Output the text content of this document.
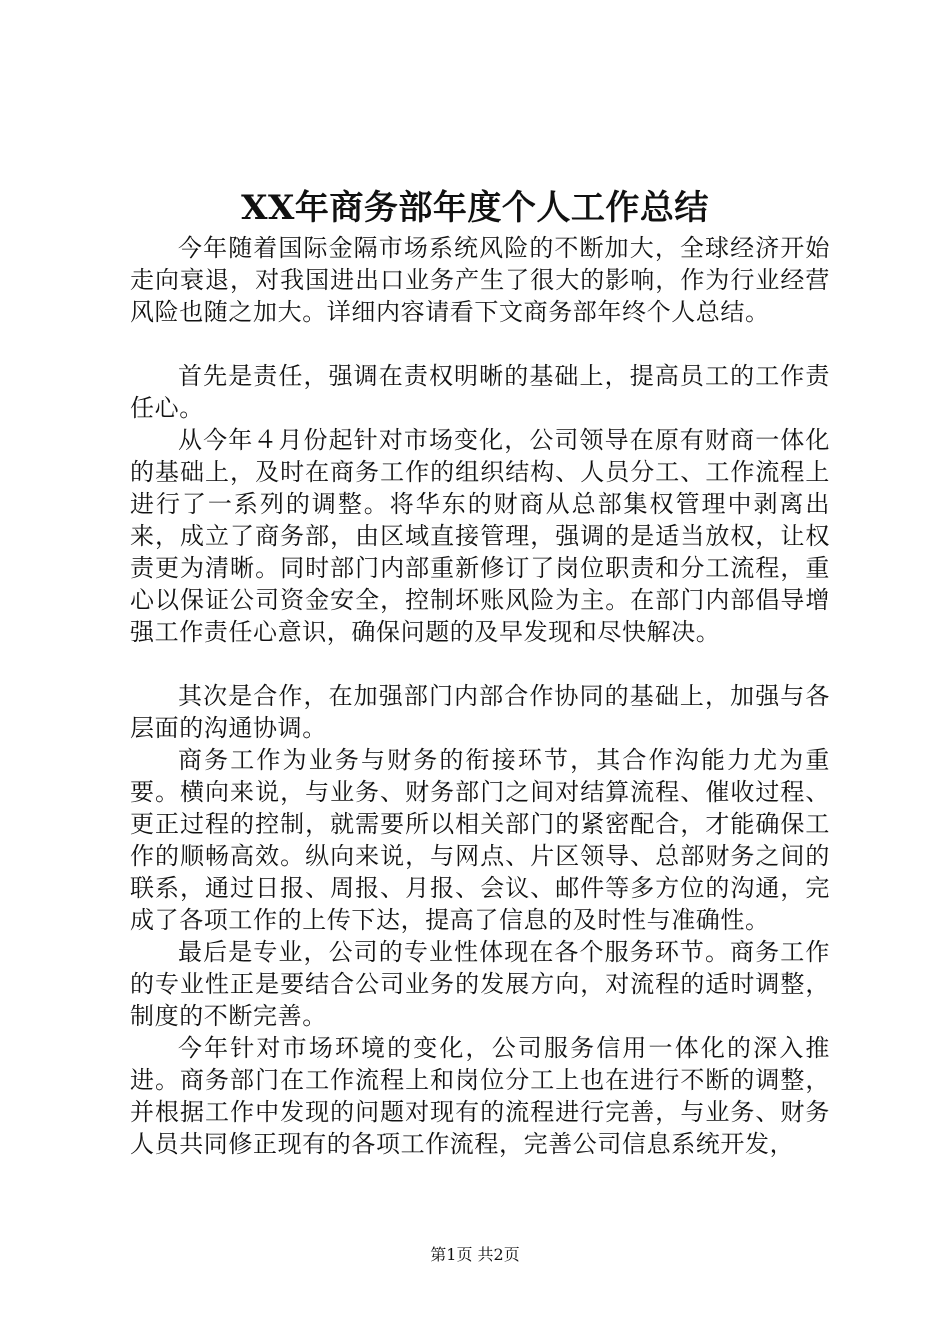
XX年商务部年度个人工作总结

今年随着国际金隔市场系统风险的不断加大，全球经济开始走向衰退，对我国进出口业务产生了很大的影响，作为行业经营风险也随之加大。详细内容请看下文商务部年终个人总结。

首先是责任，强调在责权明晰的基础上，提高员工的工作责任心。

从今年４月份起针对市场变化，公司领导在原有财商一体化的基础上，及时在商务工作的组织结构、人员分工、工作流程上进行了一系列的调整。将华东的财商从总部集权管理中剥离出来，成立了商务部，由区域直接管理，强调的是适当放权，让权责更为清晰。同时部门内部重新修订了岗位职责和分工流程，重心以保证公司资金安全，控制坏账风险为主。在部门内部倡导增强工作责任心意识，确保问题的及早发现和尽快解决。

其次是合作，在加强部门内部合作协同的基础上，加强与各层面的沟通协调。

商务工作为业务与财务的衔接环节，其合作沟能力尤为重要。横向来说，与业务、财务部门之间对结算流程、催收过程、更正过程的控制，就需要所以相关部门的紧密配合，才能确保工作的顺畅高效。纵向来说，与网点、片区领导、总部财务之间的联系，通过日报、周报、月报、会议、邮件等多方位的沟通，完成了各项工作的上传下达，提高了信息的及时性与准确性。

最后是专业，公司的专业性体现在各个服务环节。商务工作的专业性正是要结合公司业务的发展方向，对流程的适时调整，制度的不断完善。

今年针对市场环境的变化，公司服务信用一体化的深入推进。商务部门在工作流程上和岗位分工上也在进行不断的调整，并根据工作中发现的问题对现有的流程进行完善，与业务、财务人员共同修正现有的各项工作流程，完善公司信息系统开发，

第1页 共2页
